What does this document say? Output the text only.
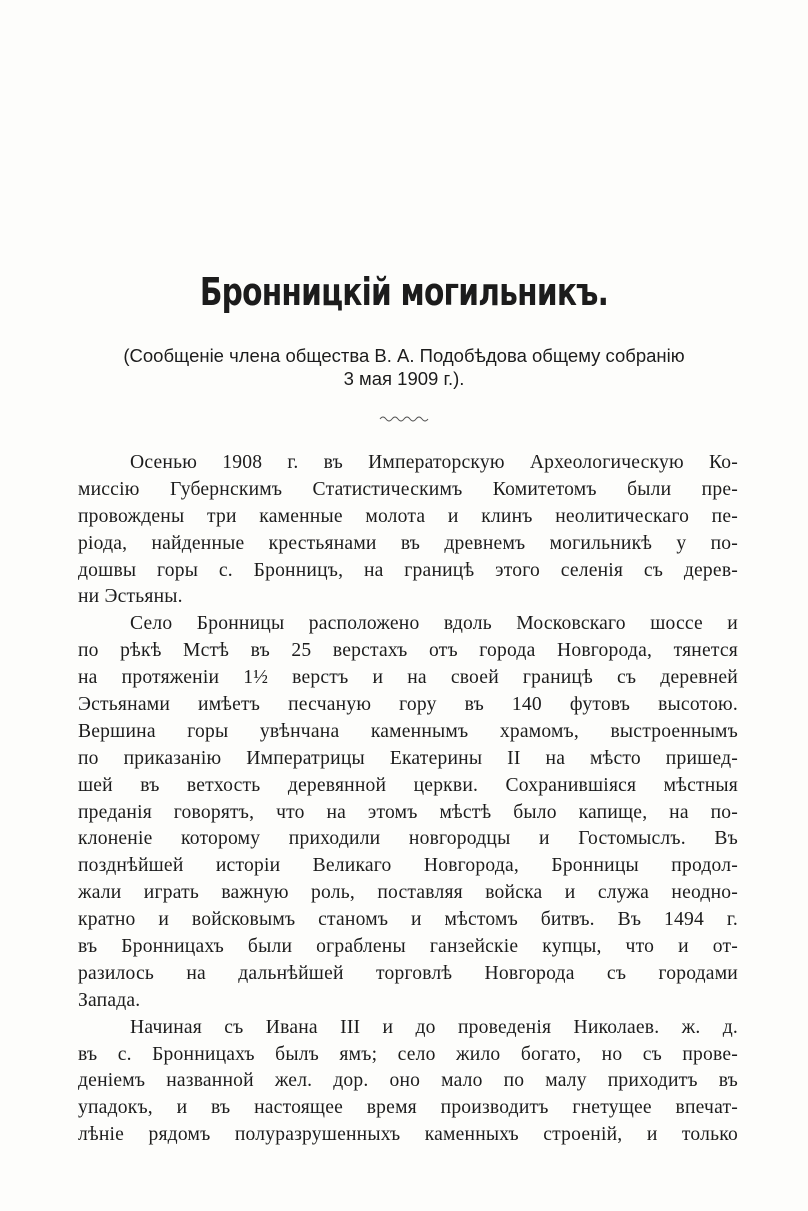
Бронницкій могильникъ.
(Сообщеніе члена общества В. А. Подобѣдова общему собранію
3 мая 1909 г.).
Осенью 1908 г. въ Императорскую Археологическую Ко-
миссію Губернскимъ Статистическимъ Комитетомъ были пре-
провождены три каменные молота и клинъ неолитическаго пе-
ріода, найденные крестьянами въ древнемъ могильникѣ у по-
дошвы горы с. Бронницъ, на границѣ этого селенія съ дерев-
ни Эстьяны.
Село Бронницы расположено вдоль Московскаго шоссе и
по рѣкѣ Мстѣ въ 25 верстахъ отъ города Новгорода, тянется
на протяженіи 1½ верстъ и на своей границѣ съ деревней
Эстьянами имѣетъ песчаную гору въ 140 футовъ высотою.
Вершина горы увѣнчана каменнымъ храмомъ, выстроеннымъ
по приказанію Императрицы Екатерины II на мѣсто пришед-
шей въ ветхость деревянной церкви. Сохранившіяся мѣстныя
преданія говорятъ, что на этомъ мѣстѣ было капище, на по-
клоненіе которому приходили новгородцы и Гостомыслъ. Въ
позднѣйшей исторіи Великаго Новгорода, Бронницы продол-
жали играть важную роль, поставляя войска и служа неодно-
кратно и войсковымъ станомъ и мѣстомъ битвъ. Въ 1494 г.
въ Бронницахъ были ограблены ганзейскіе купцы, что и от-
разилось на дальнѣйшей торговлѣ Новгорода съ городами
Запада.
Начиная съ Ивана III и до проведенія Николаев. ж. д.
въ с. Бронницахъ былъ ямъ; село жило богато, но съ прове-
деніемъ названной жел. дор. оно мало по малу приходитъ въ
упадокъ, и въ настоящее время производитъ гнетущее впечат-
лѣніе рядомъ полуразрушенныхъ каменныхъ строеній, и только
